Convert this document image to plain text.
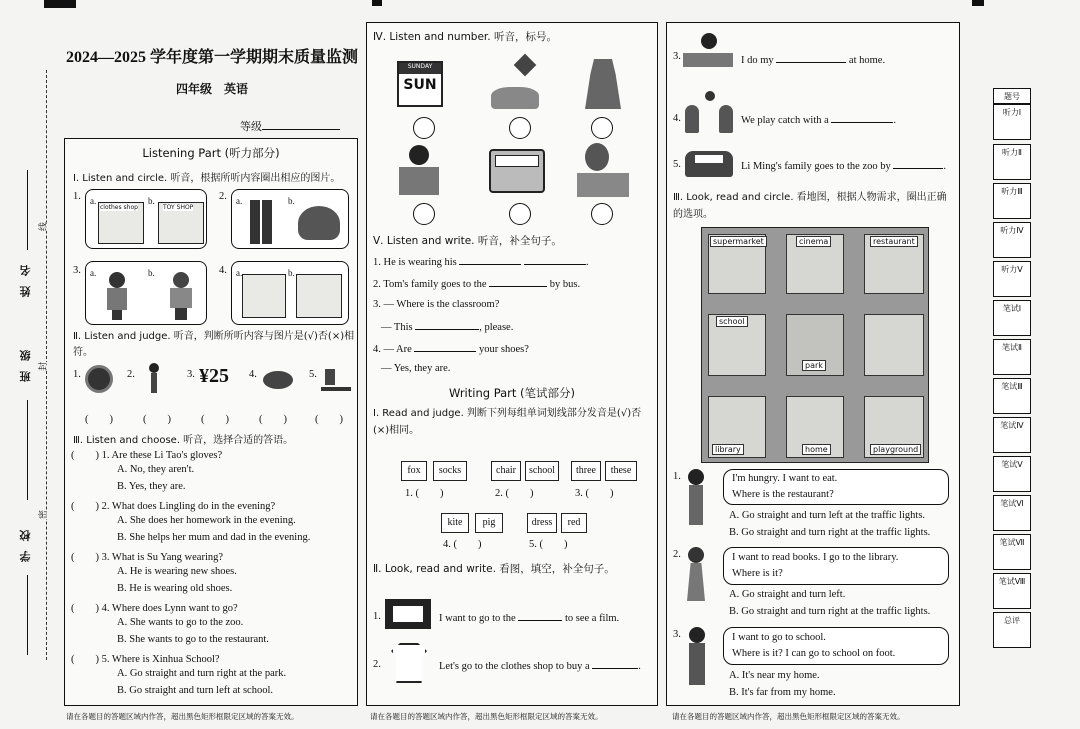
姓名
班级
学校
线
封
密
2024—2025 学年度第一学期期末质量监测
四年级　英语
等级
Listening Part (听力部分)
Ⅰ. Listen and circle. 听音，根据所听内容圈出相应的图片。
1. a.
clothes shop
b.
TOY SHOP
2. a.	b.
3. a.	b.	4. a.	b.
Ⅱ. Listen and judge. 听音，判断所听内容与图片是(√)否(×)相符。
1.	2.	3. ¥25 4.	5.
(　　)	(　　)	(　　)	(　　)	(　　)
Ⅲ. Listen and choose. 听音，选择合适的答语。
(　　) 1. Are these Li Tao's gloves?
A. No, they aren't.
B. Yes, they are.
(　　) 2. What does Lingling do in the evening?
A. She does her homework in the evening.
B. She helps her mum and dad in the evening.
(　　) 3. What is Su Yang wearing?
A. He is wearing new shoes.
B. He is wearing old shoes.
(　　) 4. Where does Lynn want to go?
A. She wants to go to the zoo.
B. She wants to go to the restaurant.
(　　) 5. Where is Xinhua School?
A. Go straight and turn right at the park.
B. Go straight and turn left at school.
Ⅳ. Listen and number. 听音，标号。
SUNDAY
SUN
Ⅴ. Listen and write. 听音，补全句子。
1. He is wearing his	.
2. Tom's family goes to the	by bus.
3. — Where is the classroom?
— This	, please.
4. — Are	your shoes?
— Yes, they are.
Writing Part (笔试部分)
Ⅰ. Read and judge. 判断下列每组单词划线部分发音是(√)否(×)相同。
fox	socks
1. (　　)
chair	school
2. (　　)
three	these
3. (　　)
kite	pig
4. (　　)
dress	red
5. (　　)
Ⅱ. Look, read and write. 看图，填空，补全句子。
1.	I want to go to the	to see a film.
2.	Let's go to the clothes shop to buy a	.
3.	I do my	at home.
4.	We play catch with a	.
5.	Li Ming's family goes to the zoo by	.
Ⅲ. Look, read and circle. 看地图，根据人物需求，圈出正确的选项。
supermarket	cinema	restaurant
school
park
library	home	playground
1.	I'm hungry. I want to eat.
Where is the restaurant?
A. Go straight and turn left at the traffic lights.
B. Go straight and turn right at the traffic lights.
2.	I want to read books. I go to the library.
Where is it?
A. Go straight and turn left.
B. Go straight and turn right at the traffic lights.
3.	I want to go to school.
Where is it? I can go to school on foot.
A. It's near my home.
B. It's far from my home.
请在各题目的答题区域内作答，超出黑色矩形框限定区域的答案无效。	请在各题目的答题区域内作答，超出黑色矩形框限定区域的答案无效。	请在各题目的答题区域内作答，超出黑色矩形框限定区域的答案无效。
题号
听力Ⅰ
听力Ⅱ
听力Ⅲ
听力Ⅳ
听力Ⅴ
笔试Ⅰ
笔试Ⅱ
笔试Ⅲ
笔试Ⅳ
笔试Ⅴ
笔试Ⅵ
笔试Ⅶ
笔试Ⅷ
总评
